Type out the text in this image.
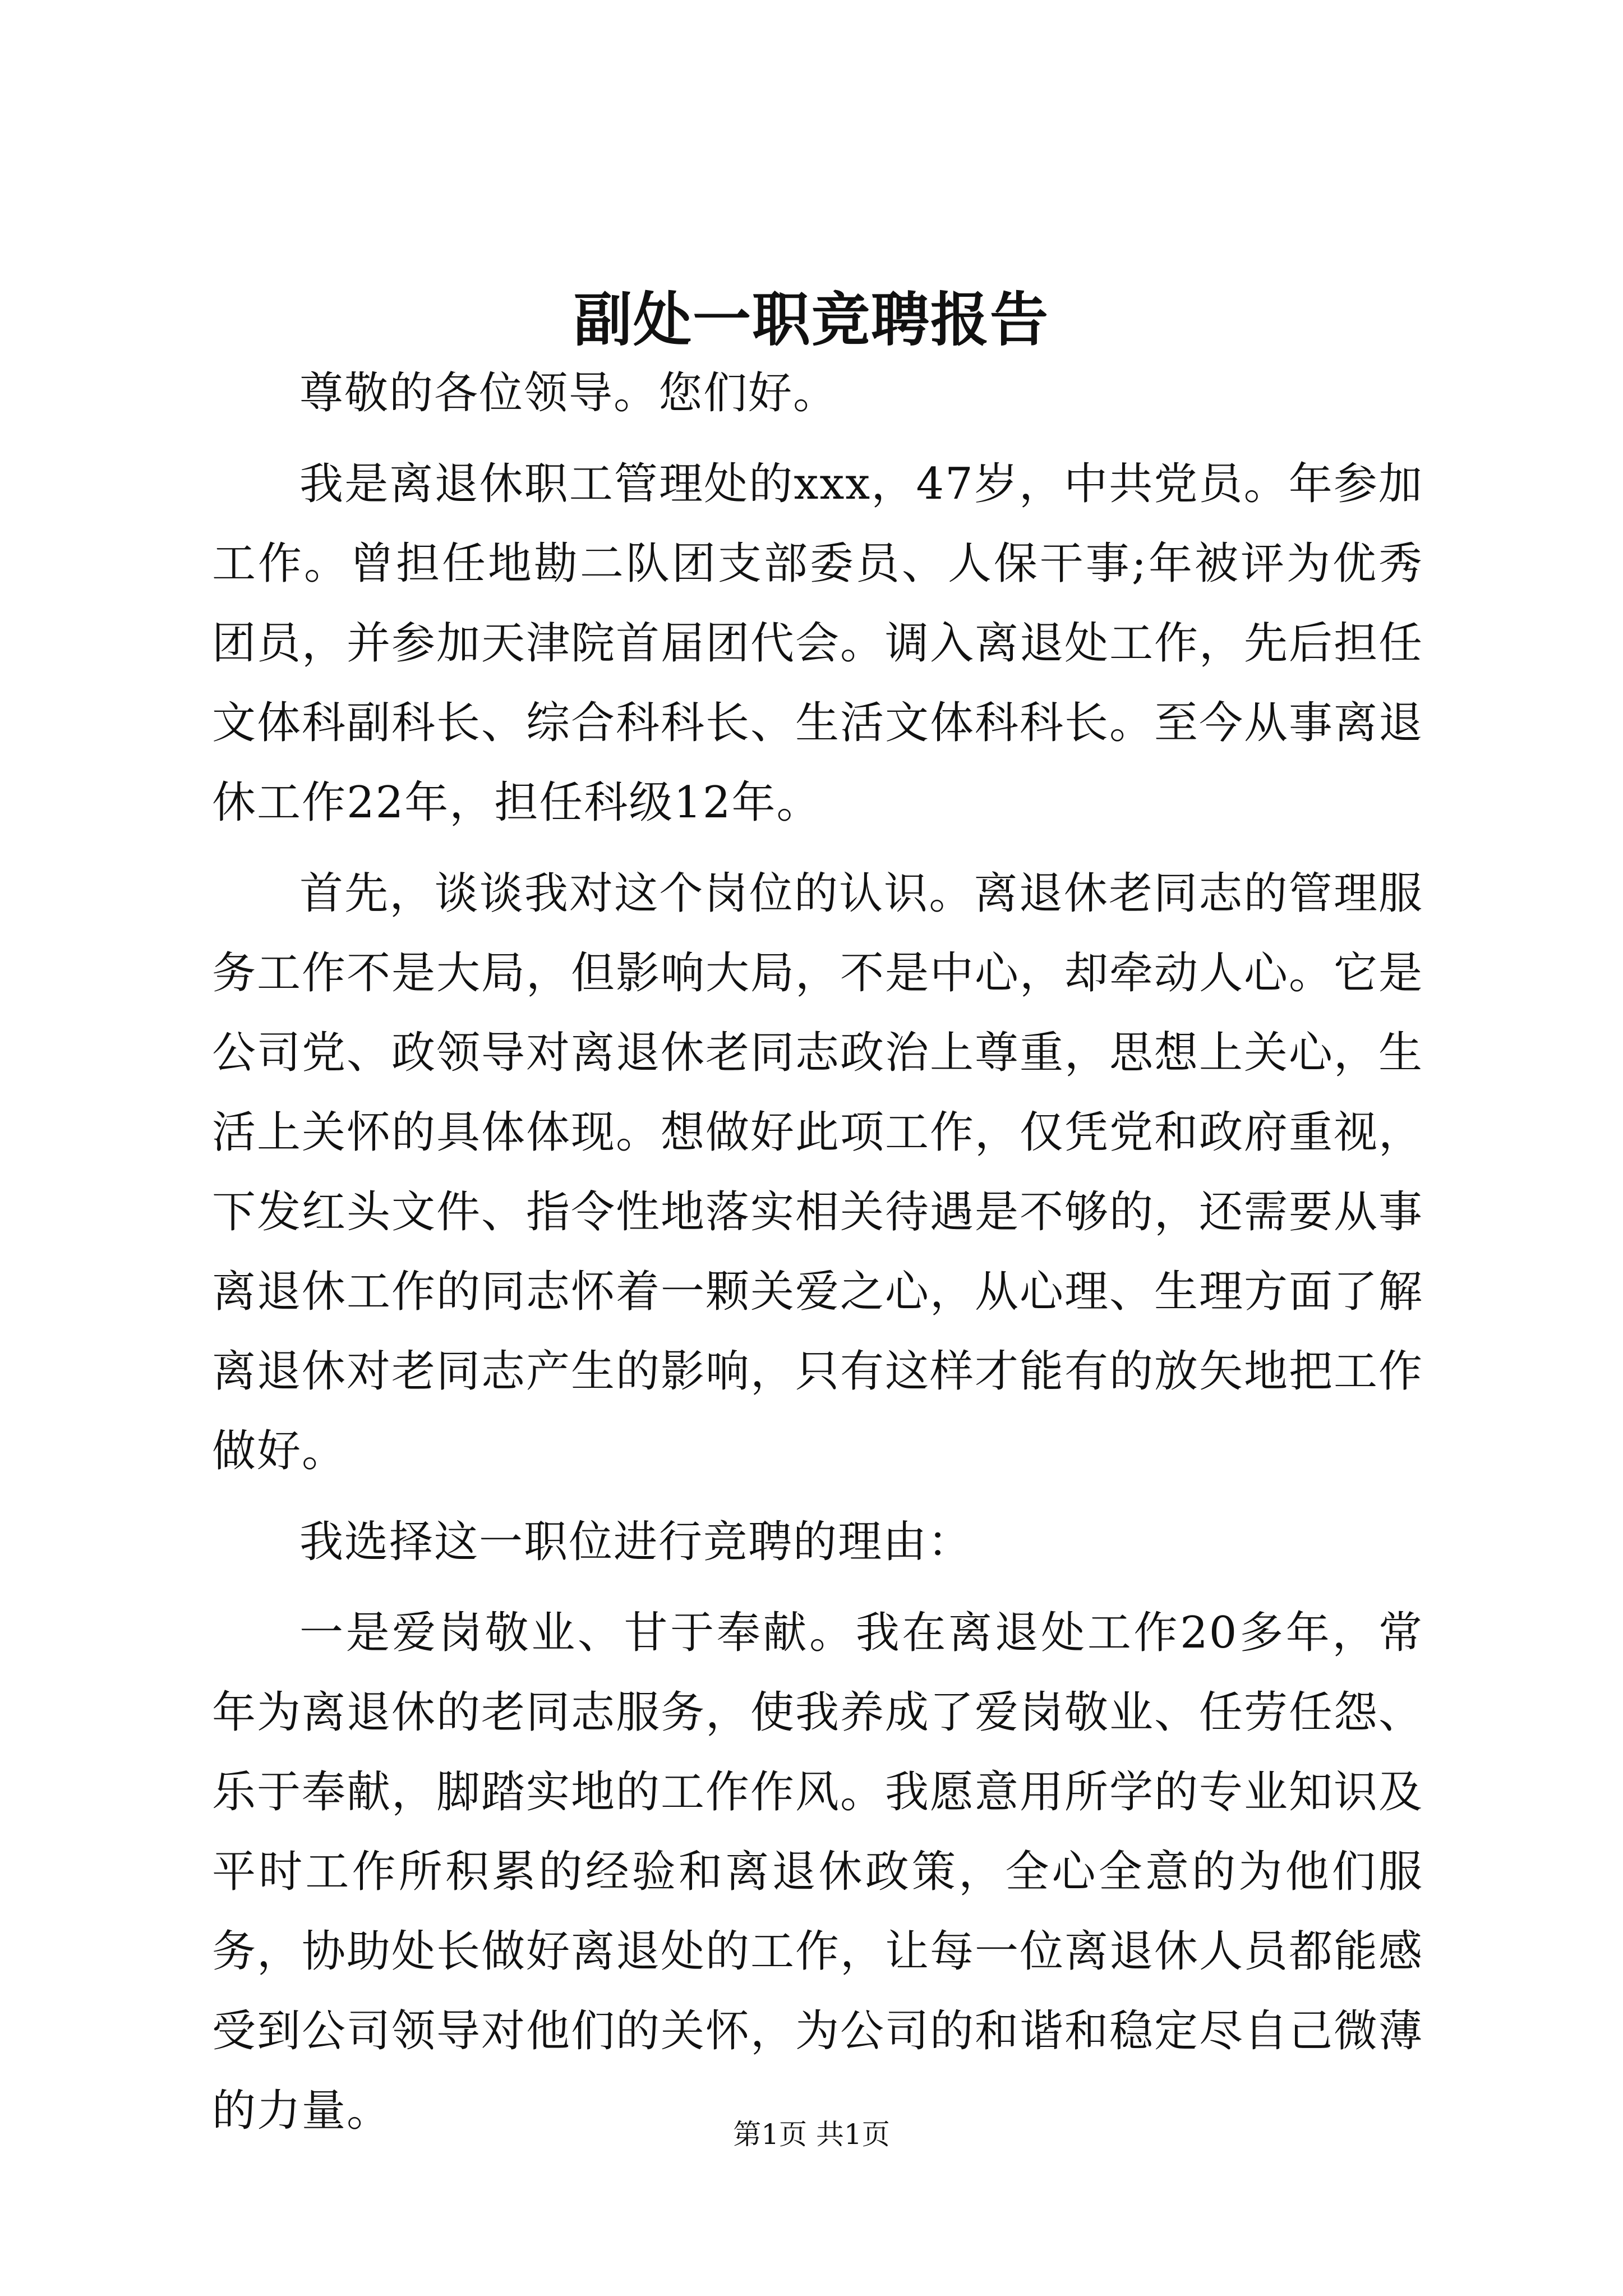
副处一职竞聘报告

尊敬的各位领导。您们好。

我是离退休职工管理处的xxx，47岁，中共党员。年参加工作。曾担任地勘二队团支部委员、人保干事;年被评为优秀团员，并参加天津院首届团代会。调入离退处工作，先后担任文体科副科长、综合科科长、生活文体科科长。至今从事离退休工作22年，担任科级12年。

首先，谈谈我对这个岗位的认识。离退休老同志的管理服务工作不是大局，但影响大局，不是中心，却牵动人心。它是公司党、政领导对离退休老同志政治上尊重，思想上关心，生活上关怀的具体体现。想做好此项工作，仅凭党和政府重视，下发红头文件、指令性地落实相关待遇是不够的，还需要从事离退休工作的同志怀着一颗关爱之心，从心理、生理方面了解离退休对老同志产生的影响，只有这样才能有的放矢地把工作做好。

我选择这一职位进行竞聘的理由：

一是爱岗敬业、甘于奉献。我在离退处工作20多年，常年为离退休的老同志服务，使我养成了爱岗敬业、任劳任怨、乐于奉献，脚踏实地的工作作风。我愿意用所学的专业知识及平时工作所积累的经验和离退休政策，全心全意的为他们服务，协助处长做好离退处的工作，让每一位离退休人员都能感受到公司领导对他们的关怀，为公司的和谐和稳定尽自己微薄的力量。	第1页 共1页
